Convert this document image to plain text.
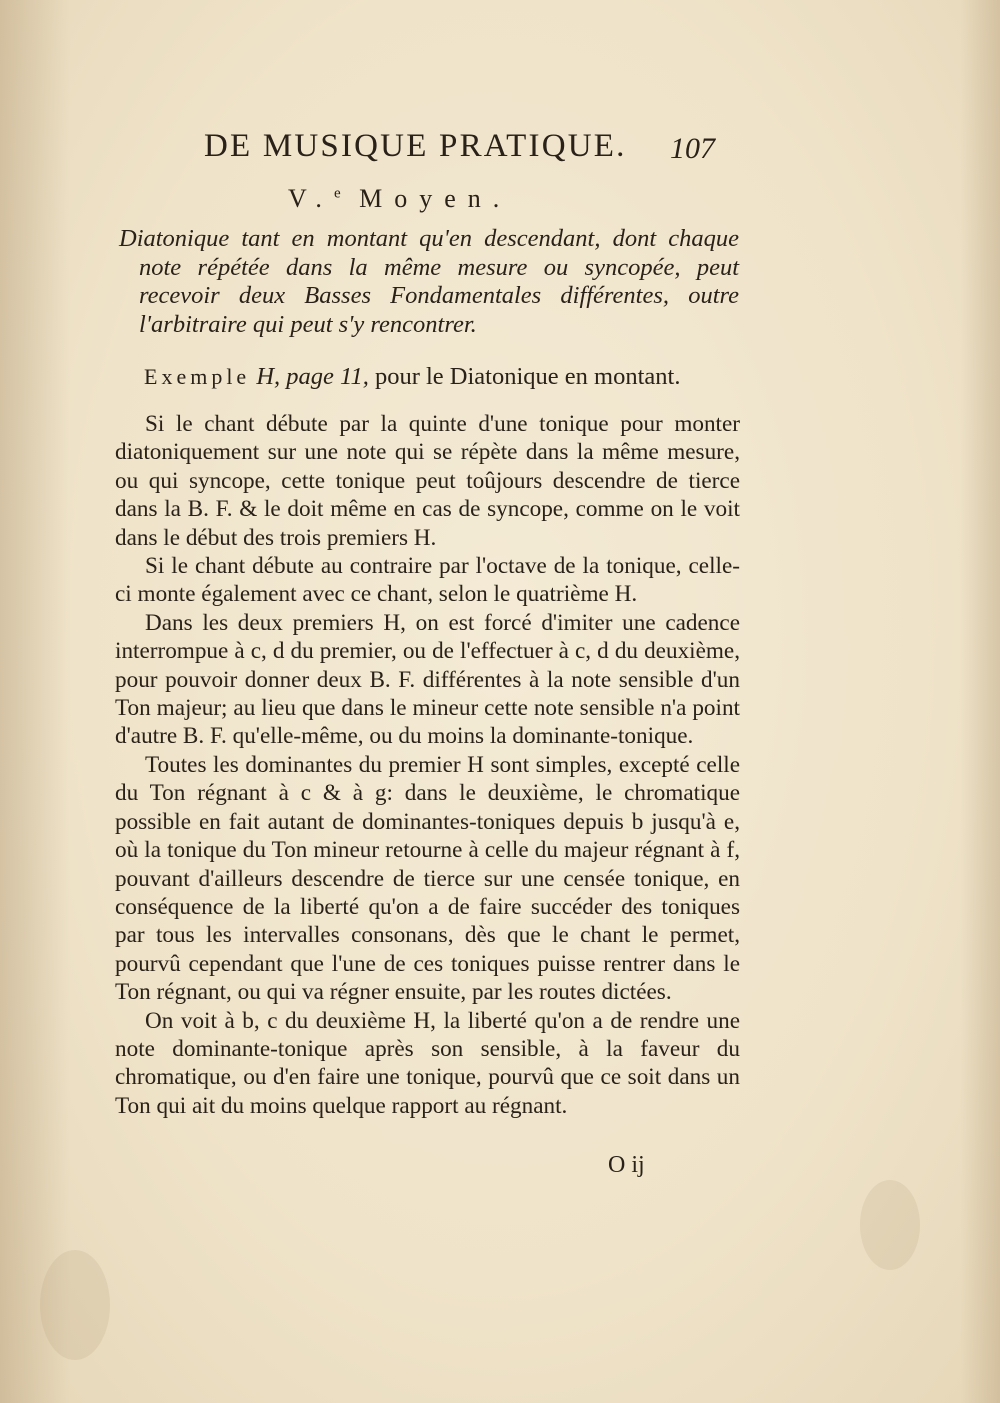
DE MUSIQUE PRATIQUE. 107
V.$^e$ Moyen.
Diatonique tant en montant qu'en descendant, dont chaque note répétée dans la même mesure ou syncopée, peut recevoir deux Basses Fondamentales différentes, outre l'arbitraire qui peut s'y rencontrer.
Exemple H, page 11, pour le Diatonique en montant.

Si le chant débute par la quinte d'une tonique pour monter diatoniquement sur une note qui se répète dans la même mesure, ou qui syncope, cette tonique peut toûjours descendre de tierce dans la B. F. & le doit même en cas de syncope, comme on le voit dans le début des trois premiers H.

Si le chant débute au contraire par l'octave de la tonique, celle-ci monte également avec ce chant, selon le quatrième H.

Dans les deux premiers H, on est forcé d'imiter une cadence interrompue à c, d du premier, ou de l'effectuer à c, d du deuxième, pour pouvoir donner deux B. F. différentes à la note sensible d'un Ton majeur; au lieu que dans le mineur cette note sensible n'a point d'autre B. F. qu'elle-même, ou du moins la dominante-tonique.

Toutes les dominantes du premier H sont simples, excepté celle du Ton régnant à c & à g: dans le deuxième, le chromatique possible en fait autant de dominantes-toniques depuis b jusqu'à e, où la tonique du Ton mineur retourne à celle du majeur régnant à f, pouvant d'ailleurs descendre de tierce sur une censée tonique, en conséquence de la liberté qu'on a de faire succéder des toniques par tous les intervalles consonans, dès que le chant le permet, pourvû cependant que l'une de ces toniques puisse rentrer dans le Ton régnant, ou qui va régner ensuite, par les routes dictées.

On voit à b, c du deuxième H, la liberté qu'on a de rendre une note dominante-tonique après son sensible, à la faveur du chromatique, ou d'en faire une tonique, pourvû que ce soit dans un Ton qui ait du moins quelque rapport au régnant.

O ij
